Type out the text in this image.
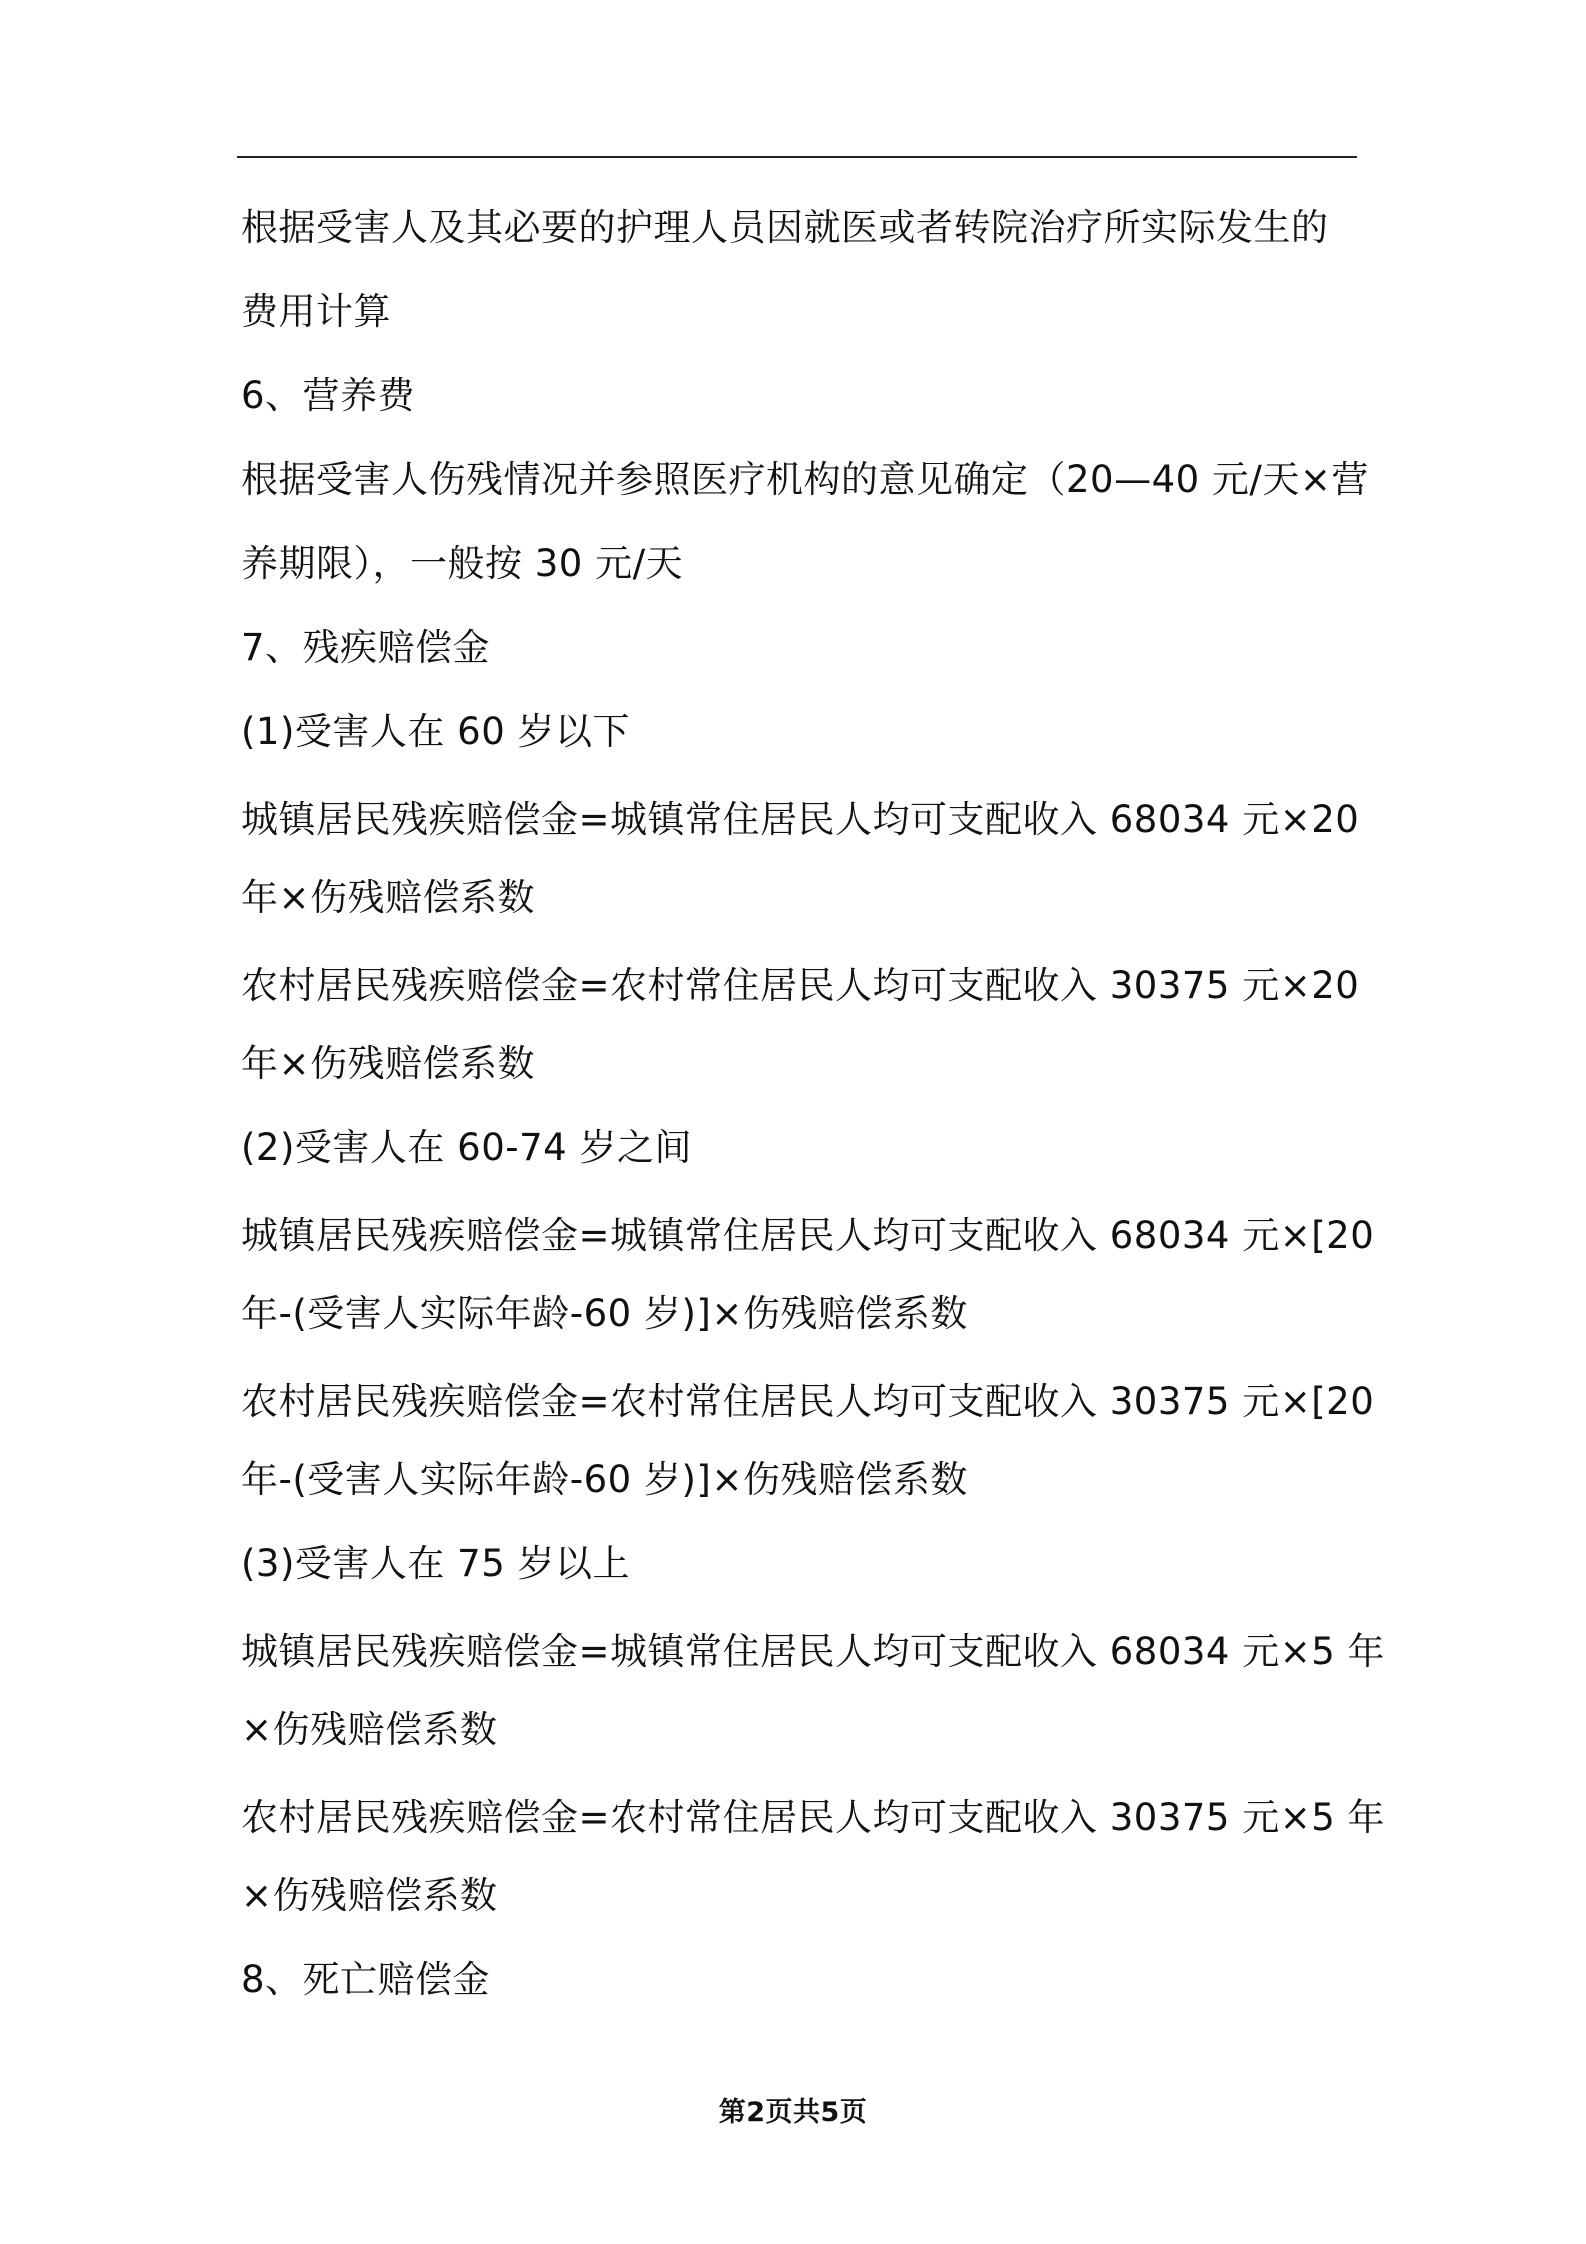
根据受害人及其必要的护理人员因就医或者转院治疗所实际发生的

费用计算

6、营养费

根据受害人伤残情况并参照医疗机构的意见确定（20—40 元/天×营

养期限），一般按 30 元/天

7、残疾赔偿金

(1)受害人在 60 岁以下

城镇居民残疾赔偿金=城镇常住居民人均可支配收入 68034 元×20

年×伤残赔偿系数

农村居民残疾赔偿金=农村常住居民人均可支配收入 30375 元×20

年×伤残赔偿系数

(2)受害人在 60-74 岁之间

城镇居民残疾赔偿金=城镇常住居民人均可支配收入 68034 元×[20

年-(受害人实际年龄-60 岁)]×伤残赔偿系数

农村居民残疾赔偿金=农村常住居民人均可支配收入 30375 元×[20

年-(受害人实际年龄-60 岁)]×伤残赔偿系数

(3)受害人在 75 岁以上

城镇居民残疾赔偿金=城镇常住居民人均可支配收入 68034 元×5 年

×伤残赔偿系数

农村居民残疾赔偿金=农村常住居民人均可支配收入 30375 元×5 年

×伤残赔偿系数

8、死亡赔偿金

第2页共5页
